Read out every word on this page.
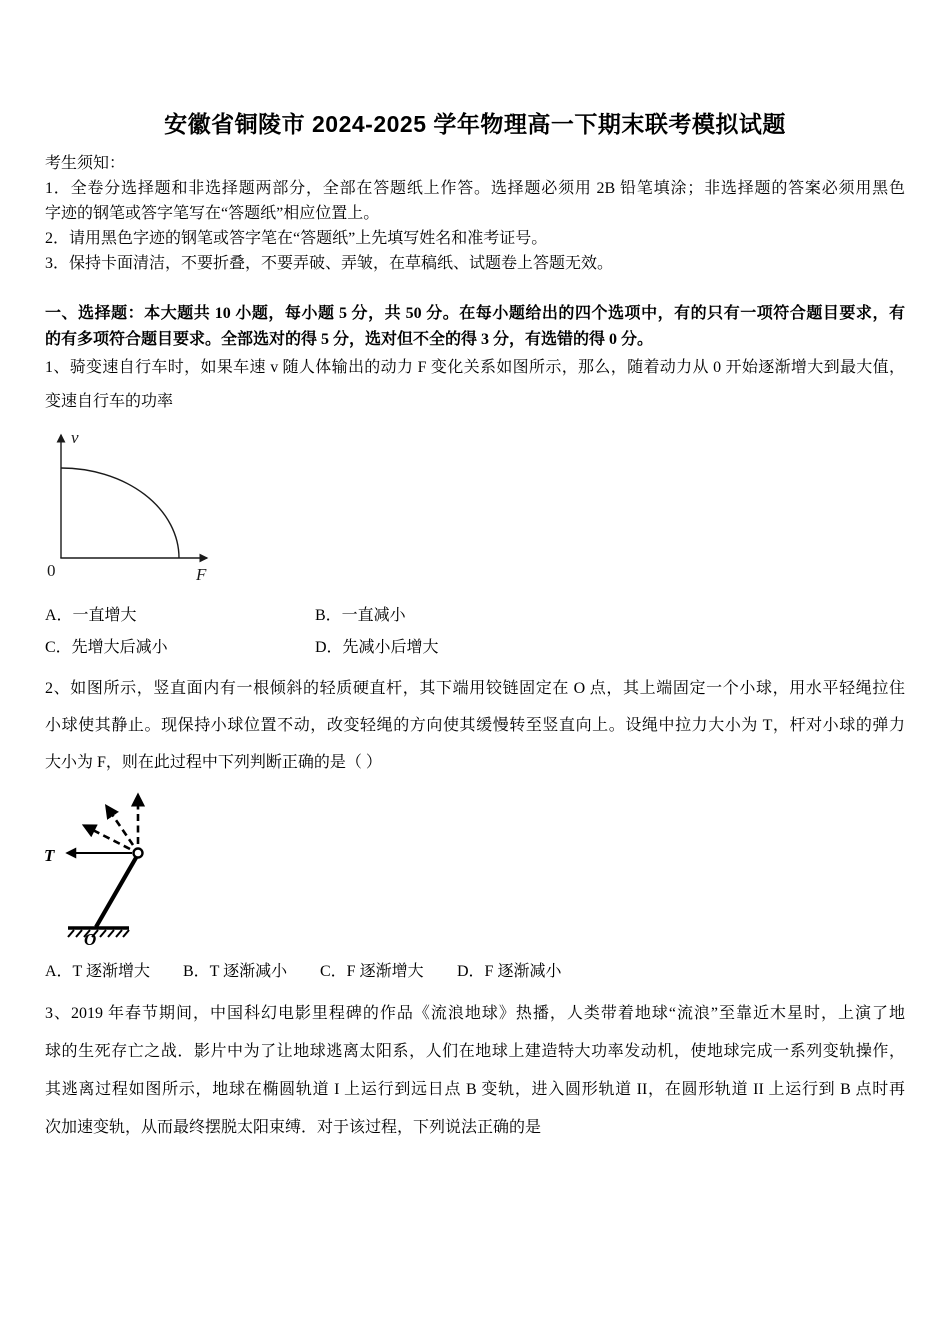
安徽省铜陵市 2024-2025 学年物理高一下期末联考模拟试题
考生须知：
1．全卷分选择题和非选择题两部分，全部在答题纸上作答。选择题必须用 2B 铅笔填涂；非选择题的答案必须用黑色
字迹的钢笔或答字笔写在“答题纸”相应位置上。
2．请用黑色字迹的钢笔或答字笔在“答题纸”上先填写姓名和准考证号。
3．保持卡面清洁，不要折叠，不要弄破、弄皱，在草稿纸、试题卷上答题无效。
一、选择题：本大题共 10 小题，每小题 5 分，共 50 分。在每小题给出的四个选项中，有的只有一项符合题目要求，有
的有多项符合题目要求。全部选对的得 5 分，选对但不全的得 3 分，有选错的得 0 分。
1、骑变速自行车时，如果车速 v 随人体输出的动力 F 变化关系如图所示，那么，随着动力从 0 开始逐渐增大到最大值，
变速自行车的功率
v
0	F
A．一直增大	B．一直减小
C．先增大后减小	D．先减小后增大
2、如图所示，竖直面内有一根倾斜的轻质硬直杆，其下端用铰链固定在 O 点，其上端固定一个小球，用水平轻绳拉住
小球使其静止。现保持小球位置不动，改变轻绳的方向使其缓慢转至竖直向上。设绳中拉力大小为 T，杆对小球的弹力
大小为 F，则在此过程中下列判断正确的是（ ）
T
O
A．T 逐渐增大 B．T 逐渐减小 C．F 逐渐增大 D．F 逐渐减小
3、2019 年春节期间，中国科幻电影里程碑的作品《流浪地球》热播，人类带着地球“流浪”至靠近木星时，上演了地
球的生死存亡之战．影片中为了让地球逃离太阳系，人们在地球上建造特大功率发动机，使地球完成一系列变轨操作，
其逃离过程如图所示，地球在椭圆轨道 I 上运行到远日点 B 变轨，进入圆形轨道 II，在圆形轨道 II 上运行到 B 点时再
次加速变轨，从而最终摆脱太阳束缚．对于该过程，下列说法正确的是
